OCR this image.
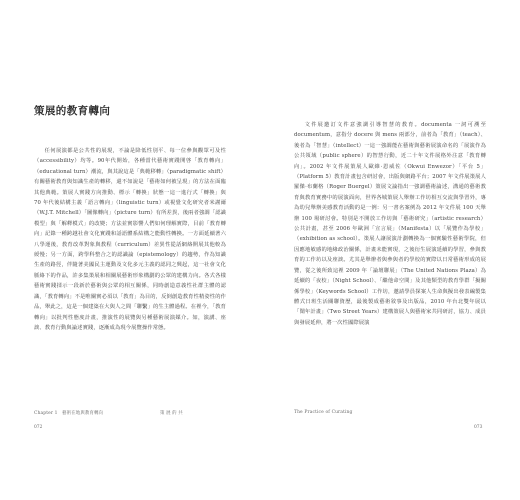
策展的教育轉向

任何展演都是公共性的展現，不論是降低性別平、每一位參與觀眾可及性（accessibility）均等。90年代開始，各種當代藝術實踐開啓「教育轉向」（educational turn）潮流，與其說這是「典範移轉」（paradigmatic shift）有關藝術教育與知識生產的轉移，還不如說是「藝術如何被呈現」的方法在面臨其他典範。策展人實踐方向推動、標示「轉換」狀態一這一進行式「轉換」與 70 年代後結構主義「語言轉向」（linguistic turn）或視覺文化研究者米謝爾（W.J.T. Mitchell）「圖像轉向」（picture turn）有所差異，後兩者強調「認識模型」與「解釋模式」的改變；方法並實影響人們如何理解實際，目前「教育轉向」記錄一種跨越社會文化實踐和話語體系結構之能動性轉換。一方面延續著六八學運後，教育改革對象與教程（curriculum）差異性從話網絡開展其他較為緩慢；另一方面，跨學科整合之的認識論（epistemology）的趨勢，作為知識生產的路徑，伴隨著美國民主運動及文化多元主義的認同之興起，這一社會文化脈絡下的作品，許多集策展和相關展藝術形象構劃的公眾的建構力向。各式各樣藝術實踐揉示一段新於藝術與公眾的相互關係，同時創造意義性社群主體的認識，「教育轉向」不是唯關實必須以「教育」為目的，反倒創造教育性精姿性的作品，舉此之，這是一個建築在大與人之間「聯繫」的生主體過程。在裡今，「教育轉向」以批判性態度計畫，推演性的展覽與另種藝術展演媒介。如，演講、座談、教育行動與論述實踐，逐漸成為現今展覽操作常態。

Chapter 1　藝術在地與教育轉向	策 展 的 共
072

文件展邀訂文件意強調引導智慧的教育。documenta 一詞可溯至 documentum，意指分 docere 與 mens 兩部分，前者為「教育」（teach）、後者為「智慧」（intellect）一這一強調能在藝術與藝術展演命名的「展演作為公共領域（public sphere）的智慧行動，近二十年文件展格外注意「教育轉向」。2002 年文件展策展人歐維·恩威佐（Okwui Enwezor）「平台 5」（Platform 5）教育計畫包含研討會，出版與網路平台；2007 年文件展策展人羅傑·布蘭格（Roger Buergel）策展文論指出一強調藝術論述，溝通的藝術教育與教育實務中的展演面向，世界各城策展人舉辦工作坊相互交流與學習外，專為幼兒舉辦美感教育活動的是一例：另一書名案例為 2012 年文件展 100 天舉辦 100 場研討會。特別是不開放工作坊與「藝術研究」（artistic research）公共計畫，甚至 2006 年歐洲「宣言展」（Manifesta）以「展覽作為學校」（exhibition as school）。策展人讓展演計劃轉換為一個實驗性藝術學院，但因應地敏感的地緣政治關係，計畫未能實現，之後衍生展演延續的學習，參與教育的工作坊以及座談。尤其是舉辦者與參與者的學校的實際以日常藝術形成的展覽，從之後所致這裡 2009 年「論壇聯展」（The United Nations Plaza）為延續的「夜校」（Night School）、「繼他命空間」及其他類型的教育學群「擬關係學校」（Keywords School）工作坊，邀請學員探案人生命與擬出發表編製集體式日班生活關聯資歷，最後製成藝術敘事及出版品，2010 年台北雙年展以「鬧年計畫」（Two Street Years）建構策展人與藝術家共同研討，協力、成員與發展延伸，將一次性國際展演

The Practice of Curating
073
